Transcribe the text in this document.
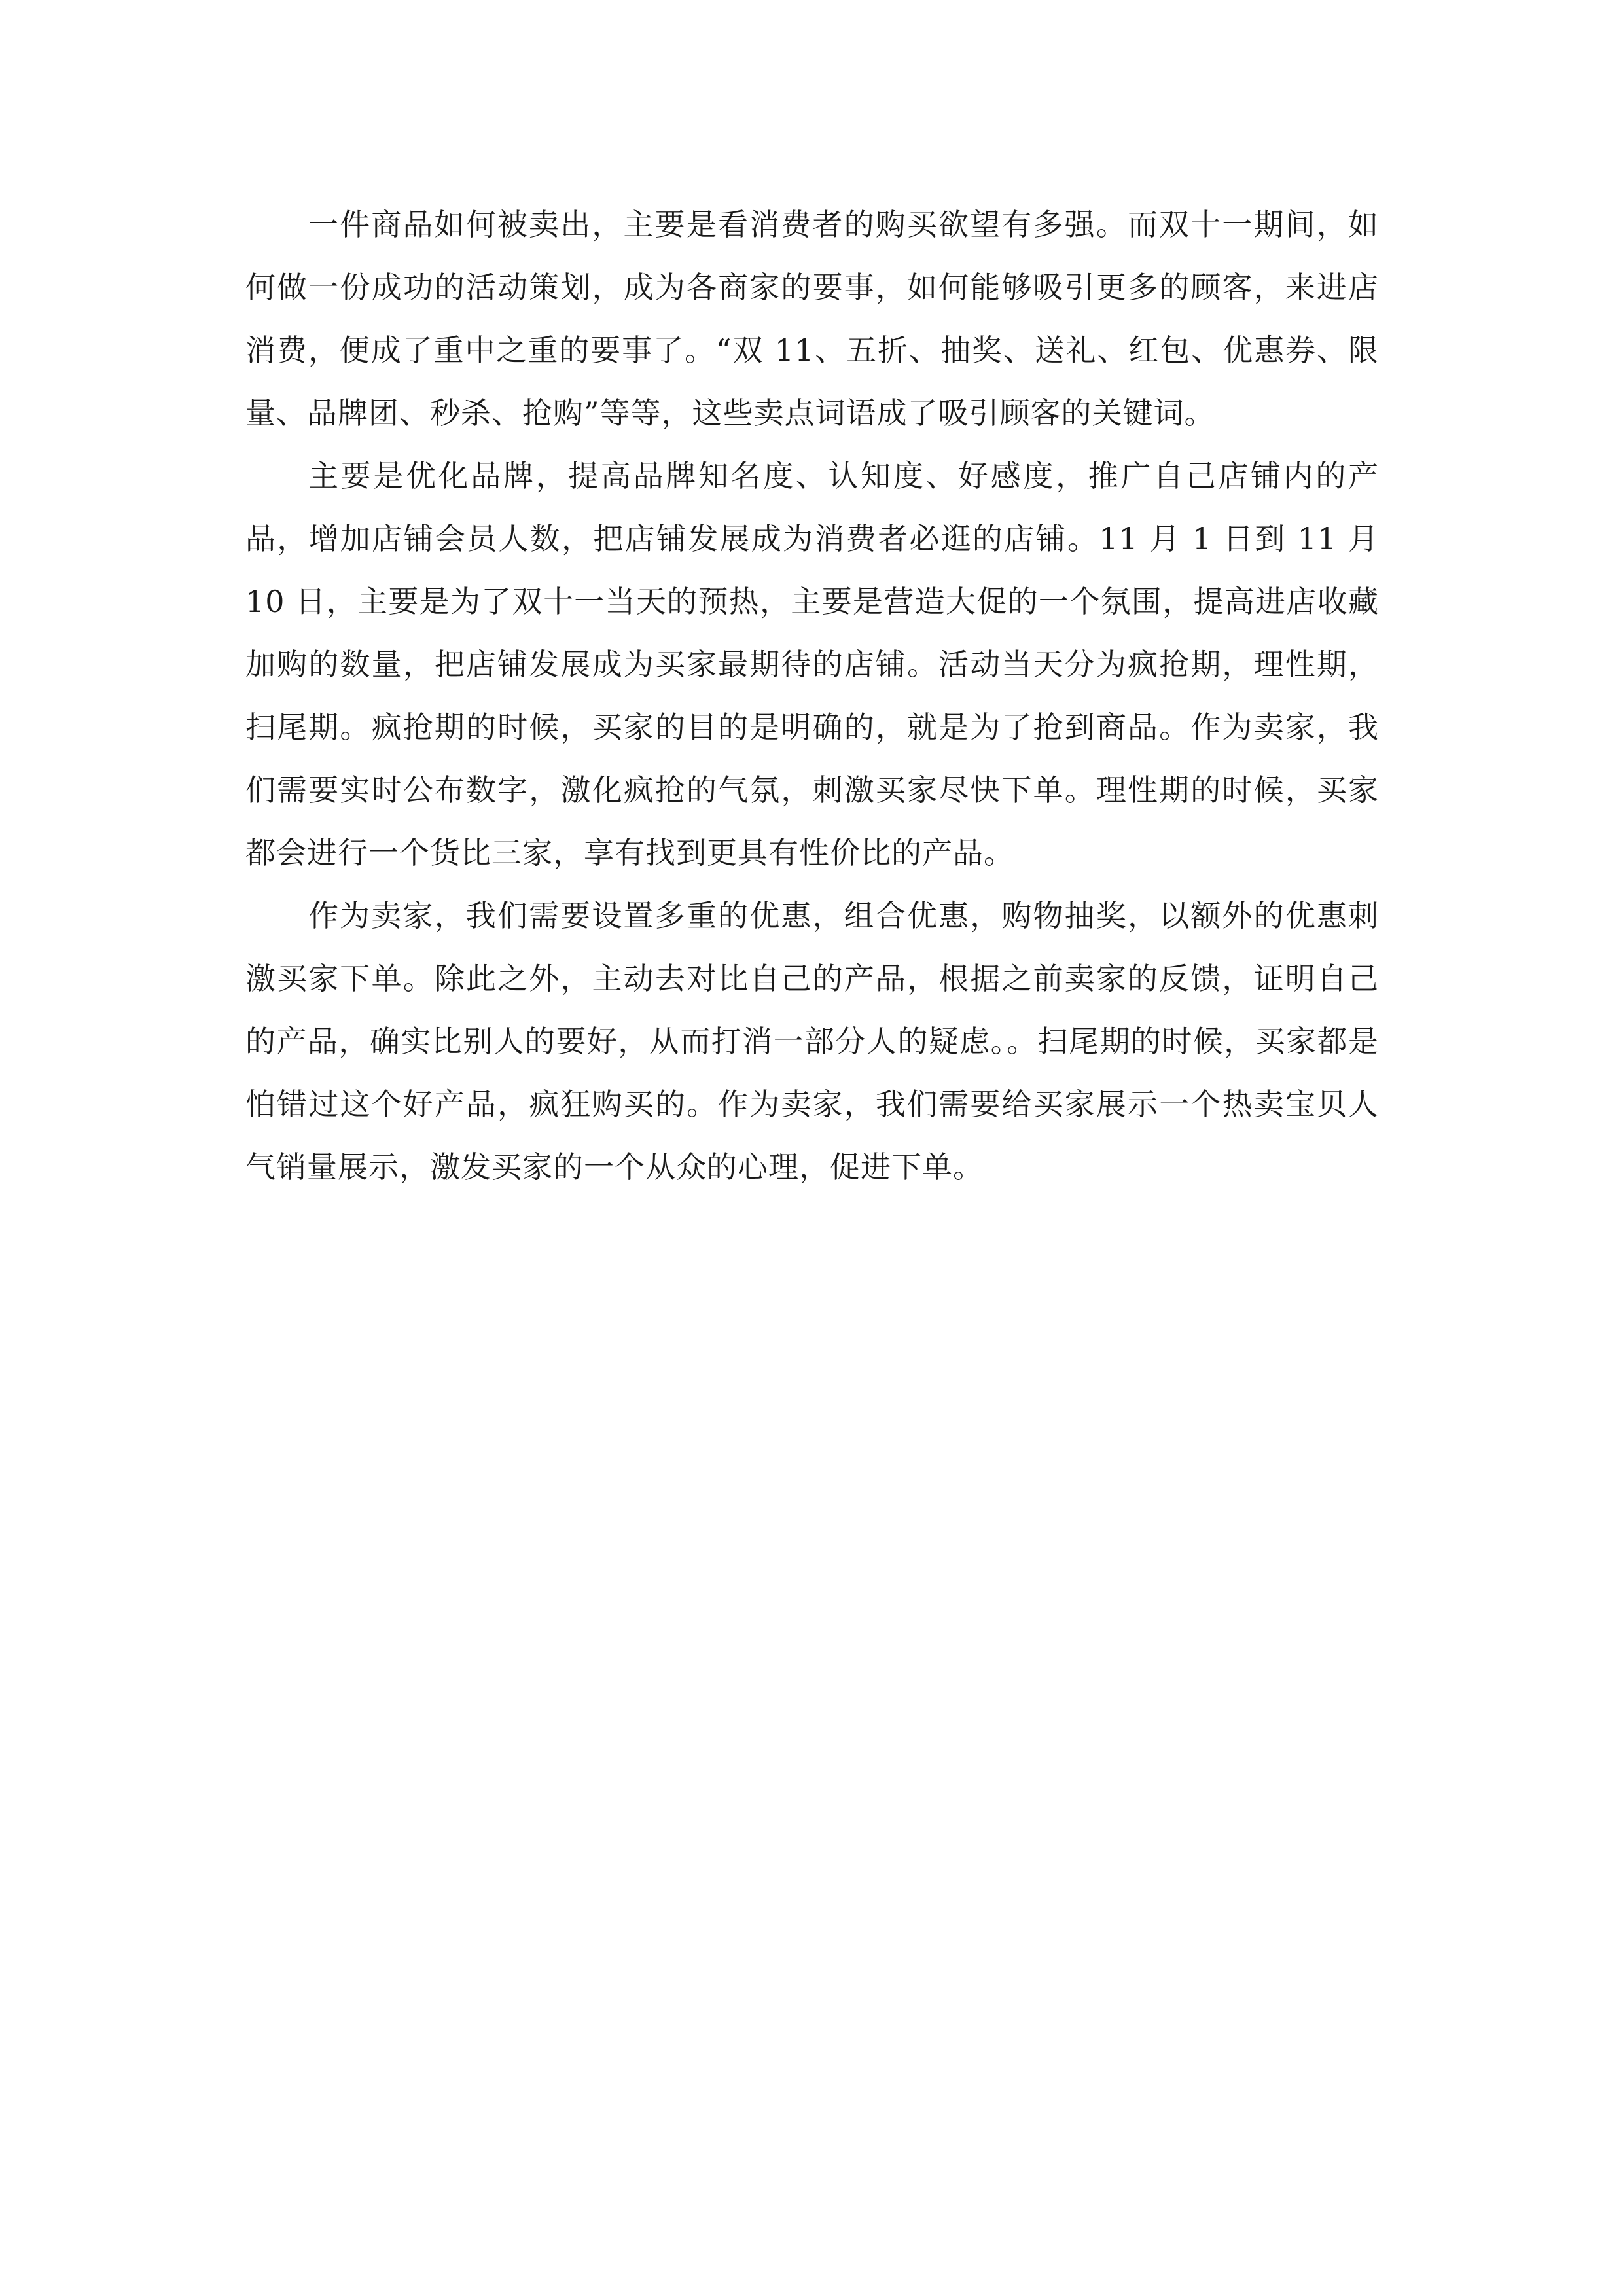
一件商品如何被卖出，主要是看消费者的购买欲望有多强。而双十一期间，如何做一份成功的活动策划，成为各商家的要事，如何能够吸引更多的顾客，来进店消费，便成了重中之重的要事了。“双 11、五折、抽奖、送礼、红包、优惠券、限量、品牌团、秒杀、抢购”等等，这些卖点词语成了吸引顾客的关键词。

主要是优化品牌，提高品牌知名度、认知度、好感度，推广自己店铺内的产品，增加店铺会员人数，把店铺发展成为消费者必逛的店铺。11 月 1 日到 11 月 10 日，主要是为了双十一当天的预热，主要是营造大促的一个氛围，提高进店收藏加购的数量，把店铺发展成为买家最期待的店铺。活动当天分为疯抢期，理性期，扫尾期。疯抢期的时候，买家的目的是明确的，就是为了抢到商品。作为卖家，我们需要实时公布数字，激化疯抢的气氛，刺激买家尽快下单。理性期的时候，买家都会进行一个货比三家，享有找到更具有性价比的产品。

作为卖家，我们需要设置多重的优惠，组合优惠，购物抽奖，以额外的优惠刺激买家下单。除此之外，主动去对比自己的产品，根据之前卖家的反馈，证明自己的产品，确实比别人的要好，从而打消一部分人的疑虑。。扫尾期的时候，买家都是怕错过这个好产品，疯狂购买的。作为卖家，我们需要给买家展示一个热卖宝贝人气销量展示，激发买家的一个从众的心理，促进下单。
